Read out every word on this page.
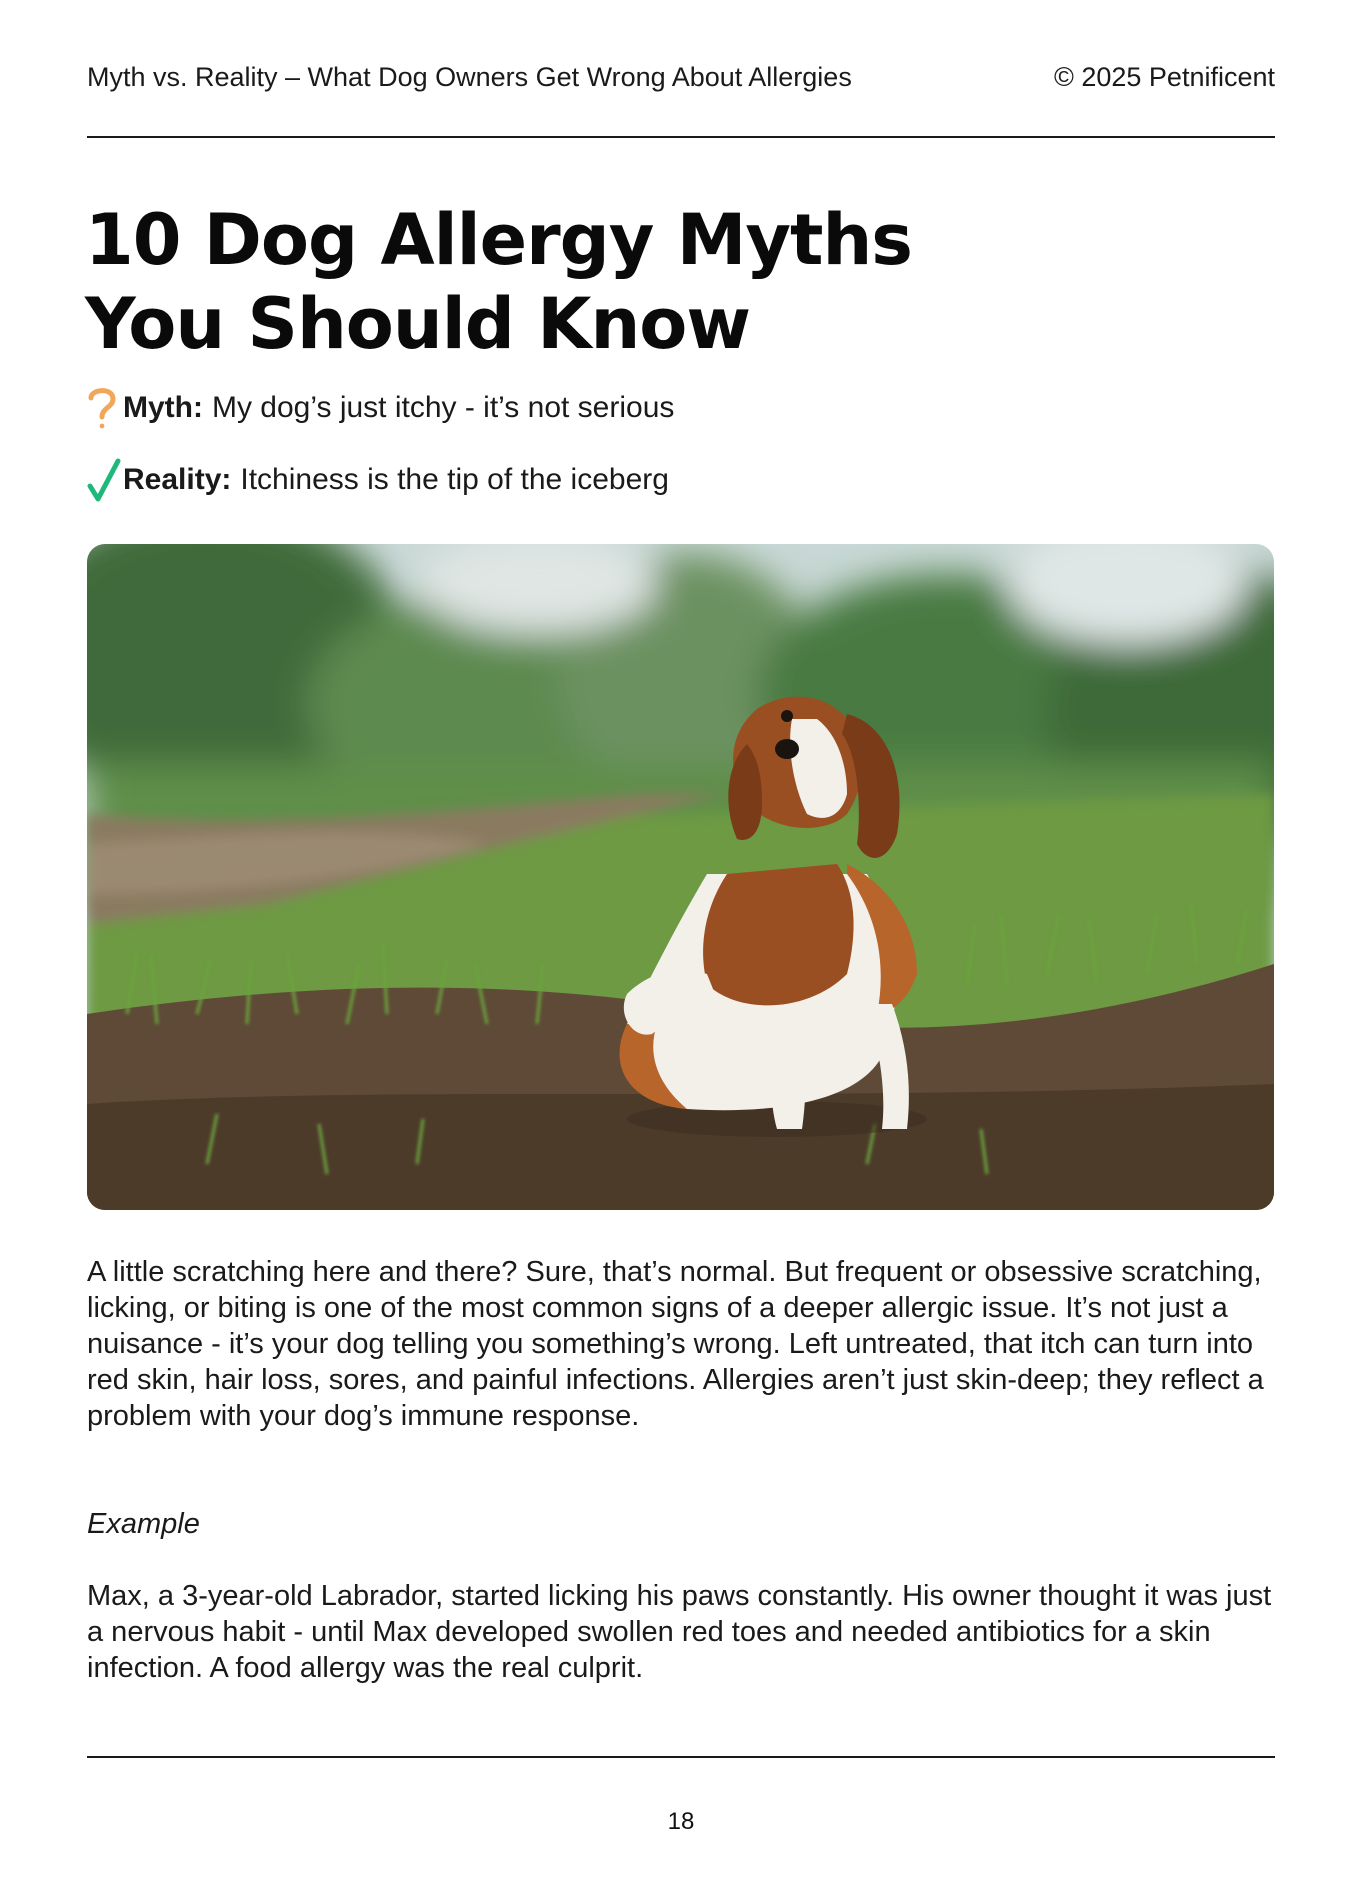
Myth vs. Reality – What Dog Owners Get Wrong About Allergies	© 2025 Petnificent
10 Dog Allergy Myths
You Should Know
Myth: My dog’s just itchy - it’s not serious
Reality: Itchiness is the tip of the iceberg

A little scratching here and there? Sure, that’s normal. But frequent or obsessive scratching, licking, or biting is one of the most common signs of a deeper allergic issue. It’s not just a nuisance - it’s your dog telling you something’s wrong. Left untreated, that itch can turn into red skin, hair loss, sores, and painful infections. Allergies aren’t just skin-deep; they reflect a problem with your dog’s immune response.

Example

Max, a 3-year-old Labrador, started licking his paws constantly. His owner thought it was just a nervous habit - until Max developed swollen red toes and needed antibiotics for a skin infection. A food allergy was the real culprit.

18
